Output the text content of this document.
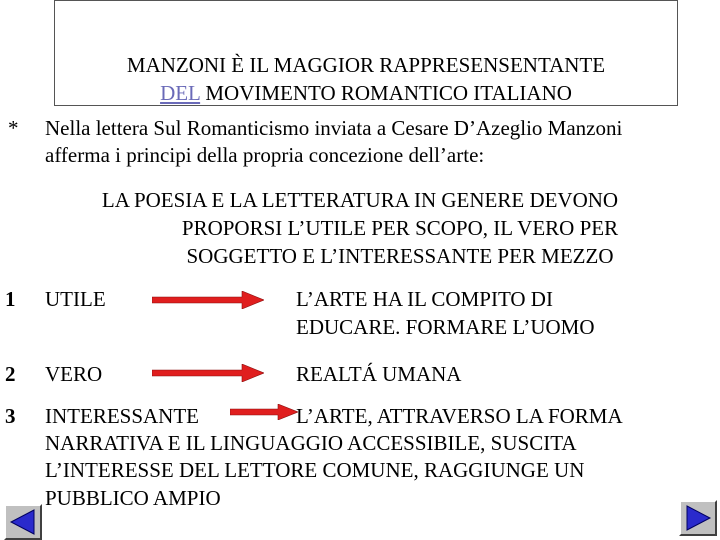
MANZONI È IL MAGGIOR RAPPRESENSENTANTE
DEL MOVIMENTO ROMANTICO ITALIANO
* Nella lettera Sul Romanticismo inviata a Cesare D’Azeglio Manzoni
afferma i principi della propria concezione dell’arte:
LA POESIA E LA LETTERATURA IN GENERE DEVONO
PROPORSI L’UTILE PER SCOPO, IL VERO PER
SOGGETTO E L’INTERESSANTE PER MEZZO
1 UTILE	L’ARTE HA IL COMPITO DI
EDUCARE. FORMARE L’UOMO
2 VERO	REALTÁ UMANA
3 INTERESSANTE	L’ARTE, ATTRAVERSO LA FORMA
NARRATIVA E IL LINGUAGGIO ACCESSIBILE, SUSCITA
L’INTERESSE DEL LETTORE COMUNE, RAGGIUNGE UN
PUBBLICO AMPIO
